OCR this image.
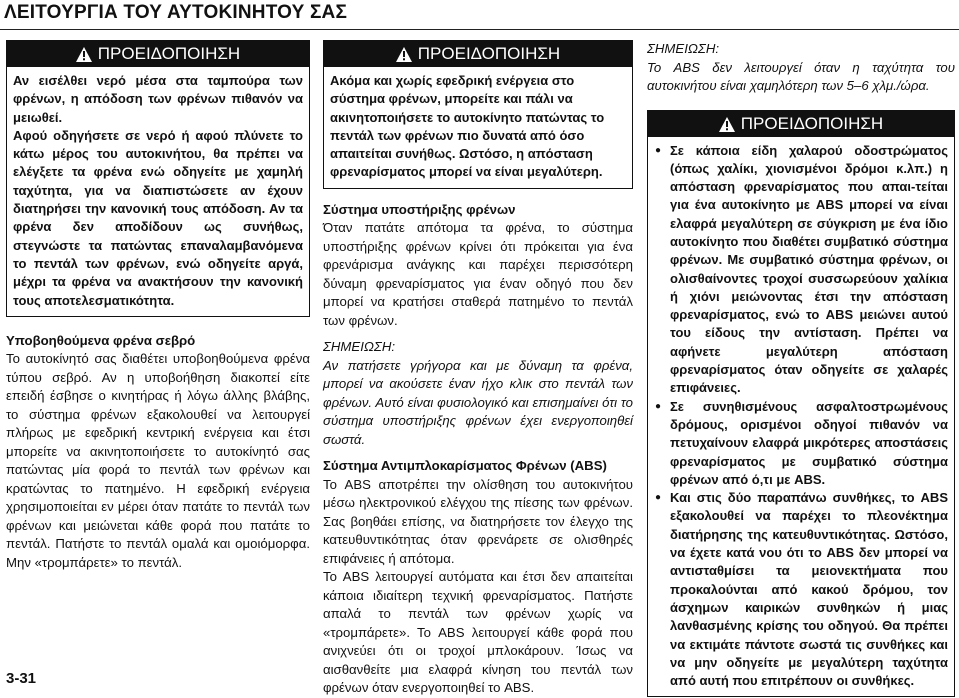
ΛΕΙΤΟΥΡΓΙΑ ΤΟΥ ΑΥΤΟΚΙΝΗΤΟΥ ΣΑΣ
ΠΡΟΕΙΔΟΠΟΙΗΣΗ

Αν εισέλθει νερό μέσα στα ταμπούρα των φρένων, η απόδοση των φρένων πιθανόν να μειωθεί.

Αφού οδηγήσετε σε νερό ή αφού πλύνετε το κάτω μέρος του αυτοκινήτου, θα πρέπει να ελέγξετε τα φρένα ενώ οδηγείτε με χαμηλή ταχύτητα, για να διαπιστώσετε αν έχουν διατηρήσει την κανονική τους απόδοση. Αν τα φρένα δεν αποδίδουν ως συνήθως, στεγνώστε τα πατώντας επαναλαμβανόμενα το πεντάλ των φρένων, ενώ οδηγείτε αργά, μέχρι τα φρένα να ανακτήσουν την κανονική τους αποτελεσματικότητα.

Υποβοηθούμενα φρένα σεβρό

Το αυτοκίνητό σας διαθέτει υποβοηθούμενα φρένα τύπου σεβρό. Αν η υποβοήθηση διακοπεί είτε επειδή έσβησε ο κινητήρας ή λόγω άλλης βλάβης, το σύστημα φρένων εξακολουθεί να λειτουργεί πλήρως με εφεδρική κεντρική ενέργεια και έτσι μπορείτε να ακινητοποιήσετε το αυτοκίνητό σας πατώντας μία φορά το πεντάλ των φρένων και κρατώντας το πατημένο. Η εφεδρική ενέργεια χρησιμοποιείται εν μέρει όταν πατάτε το πεντάλ των φρένων και μειώνεται κάθε φορά που πατάτε το πεντάλ. Πατήστε το πεντάλ ομαλά και ομοιόμορφα. Μην «τρομπάρετε» το πεντάλ.

ΠΡΟΕΙΔΟΠΟΙΗΣΗ

Ακόμα και χωρίς εφεδρική ενέργεια στο σύστημα φρένων, μπορείτε και πάλι να ακινητοποιήσετε το αυτοκίνητο πατώντας το πεντάλ των φρένων πιο δυνατά από όσο απαιτείται συνήθως. Ωστόσο, η απόσταση φρεναρίσματος μπορεί να είναι μεγαλύτερη.

Σύστημα υποστήριξης φρένων

Όταν πατάτε απότομα τα φρένα, το σύστημα υποστήριξης φρένων κρίνει ότι πρόκειται για ένα φρενάρισμα ανάγκης και παρέχει περισσότερη δύναμη φρεναρίσματος για έναν οδηγό που δεν μπορεί να κρατήσει σταθερά πατημένο το πεντάλ των φρένων.

ΣΗΜΕΙΩΣΗ:

Αν πατήσετε γρήγορα και με δύναμη τα φρένα, μπορεί να ακούσετε έναν ήχο κλικ στο πεντάλ των φρένων. Αυτό είναι φυσιολογικό και επισημαίνει ότι το σύστημα υποστήριξης φρένων έχει ενεργοποιηθεί σωστά.

Σύστημα Αντιμπλοκαρίσματος Φρένων (ABS)

Το ABS αποτρέπει την ολίσθηση του αυτοκινήτου μέσω ηλεκτρονικού ελέγχου της πίεσης των φρένων. Σας βοηθάει επίσης, να διατηρήσετε τον έλεγχο της κατευθυντικότητας όταν φρενάρετε σε ολισθηρές επιφάνειες ή απότομα.

Το ABS λειτουργεί αυτόματα και έτσι δεν απαιτείται κάποια ιδιαίτερη τεχνική φρεναρίσματος. Πατήστε απαλά το πεντάλ των φρένων χωρίς να «τρομπάρετε». Το ABS λειτουργεί κάθε φορά που ανιχνεύει ότι οι τροχοί μπλοκάρουν. Ίσως να αισθανθείτε μια ελαφρά κίνηση του πεντάλ των φρένων όταν ενεργοποιηθεί το ABS.

ΣΗΜΕΙΩΣΗ:

Το ABS δεν λειτουργεί όταν η ταχύτητα του αυτοκινήτου είναι χαμηλότερη των 5–6 χλμ./ώρα.

ΠΡΟΕΙΔΟΠΟΙΗΣΗ
● Σε κάποια είδη χαλαρού οδοστρώματος (όπως χαλίκι, χιονισμένοι δρόμοι κ.λπ.) η απόσταση φρεναρίσματος που απαι-τείται για ένα αυτοκίνητο με ABS μπορεί να είναι ελαφρά μεγαλύτερη σε σύγκριση με ένα ίδιο αυτοκίνητο που διαθέτει συμβατικό σύστημα φρένων. Με συμβατικό σύστημα φρένων, οι ολισθαίνοντες τροχοί συσσωρεύουν χαλίκια ή χιόνι μειώνοντας έτσι την απόσταση φρεναρίσματος, ενώ το ABS μειώνει αυτού του είδους την αντίσταση. Πρέπει να αφήνετε μεγαλύτερη απόσταση φρεναρίσματος όταν οδηγείτε σε χαλαρές επιφάνειες.
● Σε συνηθισμένους ασφαλτοστρωμένους δρόμους, ορισμένοι οδηγοί πιθανόν να πετυχαίνουν ελαφρά μικρότερες αποστάσεις φρεναρίσματος με συμβατικό σύστημα φρένων από ό,τι με ABS.
● Και στις δύο παραπάνω συνθήκες, το ABS εξακολουθεί να παρέχει το πλεονέκτημα διατήρησης της κατευθυντικότητας. Ωστόσο, να έχετε κατά νου ότι το ABS δεν μπορεί να αντισταθμίσει τα μειονεκτήματα που προκαλούνται από κακού δρόμου, τον άσχημων καιρικών συνθηκών ή μιας λανθασμένης κρίσης του οδηγού. Θα πρέπει να εκτιμάτε πάντοτε σωστά τις συνθήκες και να μην οδηγείτε με μεγαλύτερη ταχύτητα από αυτή που επιτρέπουν οι συνθήκες.
3-31
